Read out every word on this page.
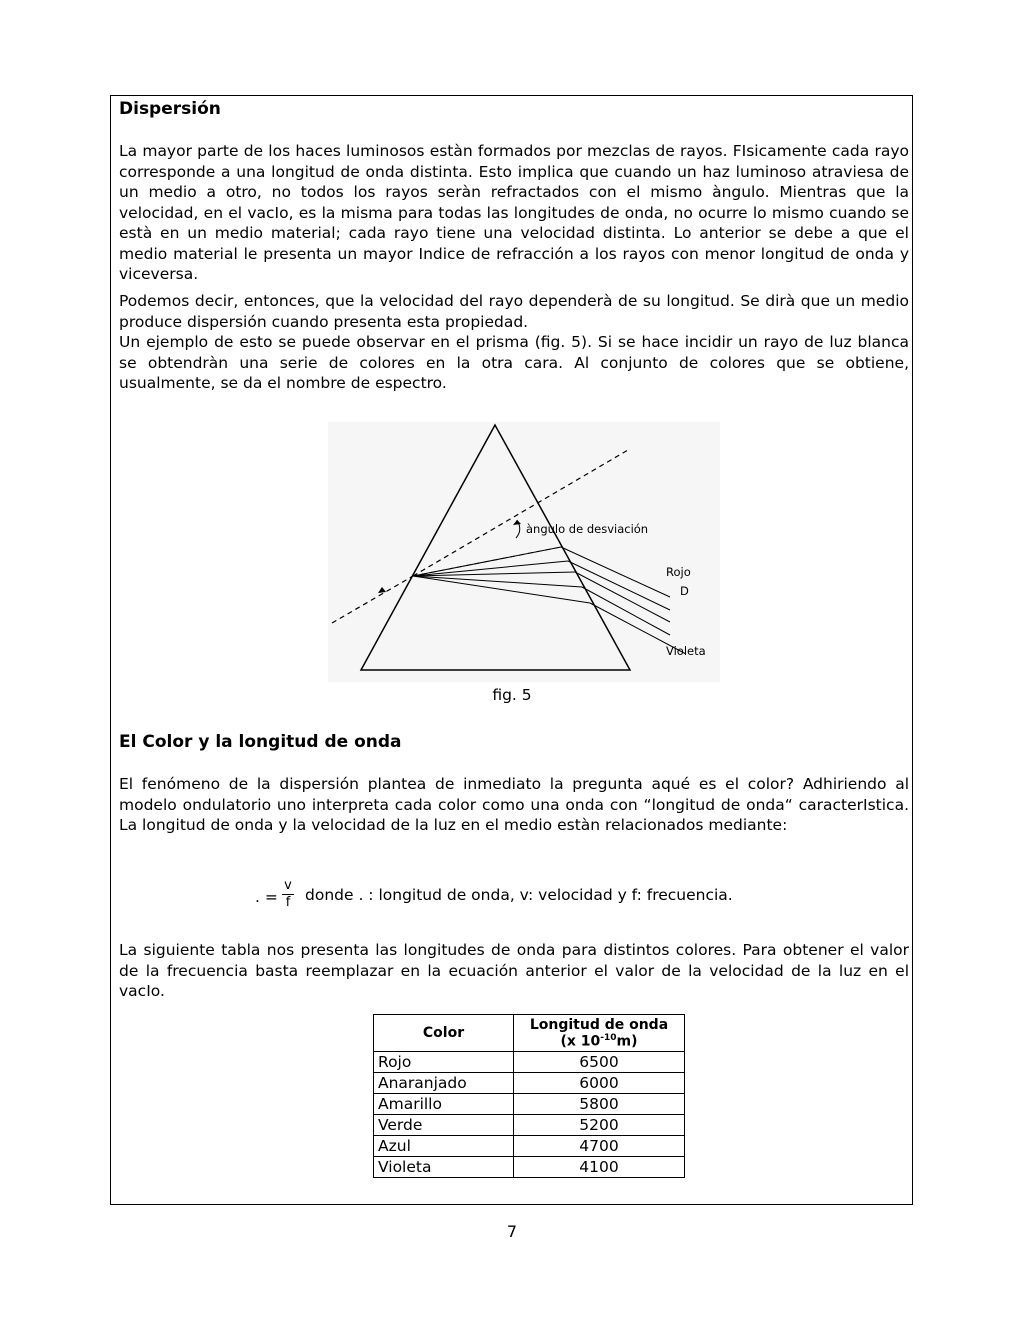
Dispersión

La mayor parte de los haces luminosos estàn formados por mezclas de rayos. FIsicamente cada rayo corresponde a una longitud de onda distinta. Esto implica que cuando un haz luminoso atraviesa de un medio a otro, no todos los rayos seràn refractados con el mismo àngulo. Mientras que la velocidad, en el vacIo, es la misma para todas las longitudes de onda, no ocurre lo mismo cuando se està en un medio material; cada rayo tiene una velocidad distinta. Lo anterior se debe a que el medio material le presenta un mayor Indice de refracción a los rayos con menor longitud de onda y viceversa.

Podemos decir, entonces, que la velocidad del rayo dependerà de su longitud. Se dirà que un medio produce dispersión cuando presenta esta propiedad.

Un ejemplo de esto se puede observar en el prisma (fig. 5). Si se hace incidir un rayo de luz blanca se obtendràn una serie de colores en la otra cara. Al conjunto de colores que se obtiene, usualmente, se da el nombre de espectro.

àngulo de desviación
Rojo
D
Violeta
fig. 5
El Color y la longitud de onda

El fenómeno de la dispersión plantea de inmediato la pregunta aqué es el color? Adhiriendo al modelo ondulatorio uno interpreta cada color como una onda con “longitud de onda“ caracterIstica. La longitud de onda y la velocidad de la luz en el medio estàn relacionados mediante:

. =
v
f donde . : longitud de onda, v: velocidad y f: frecuencia.

La siguiente tabla nos presenta las longitudes de onda para distintos colores. Para obtener el valor de la frecuencia basta reemplazar en la ecuación anterior el valor de la velocidad de la luz en el vacIo.

Color	Longitud de onda
(x $10^{-10}m$)
Rojo	6500
Anaranjado	6000
Amarillo	5800
Verde	5200
Azul	4700
Violeta	4100
7
